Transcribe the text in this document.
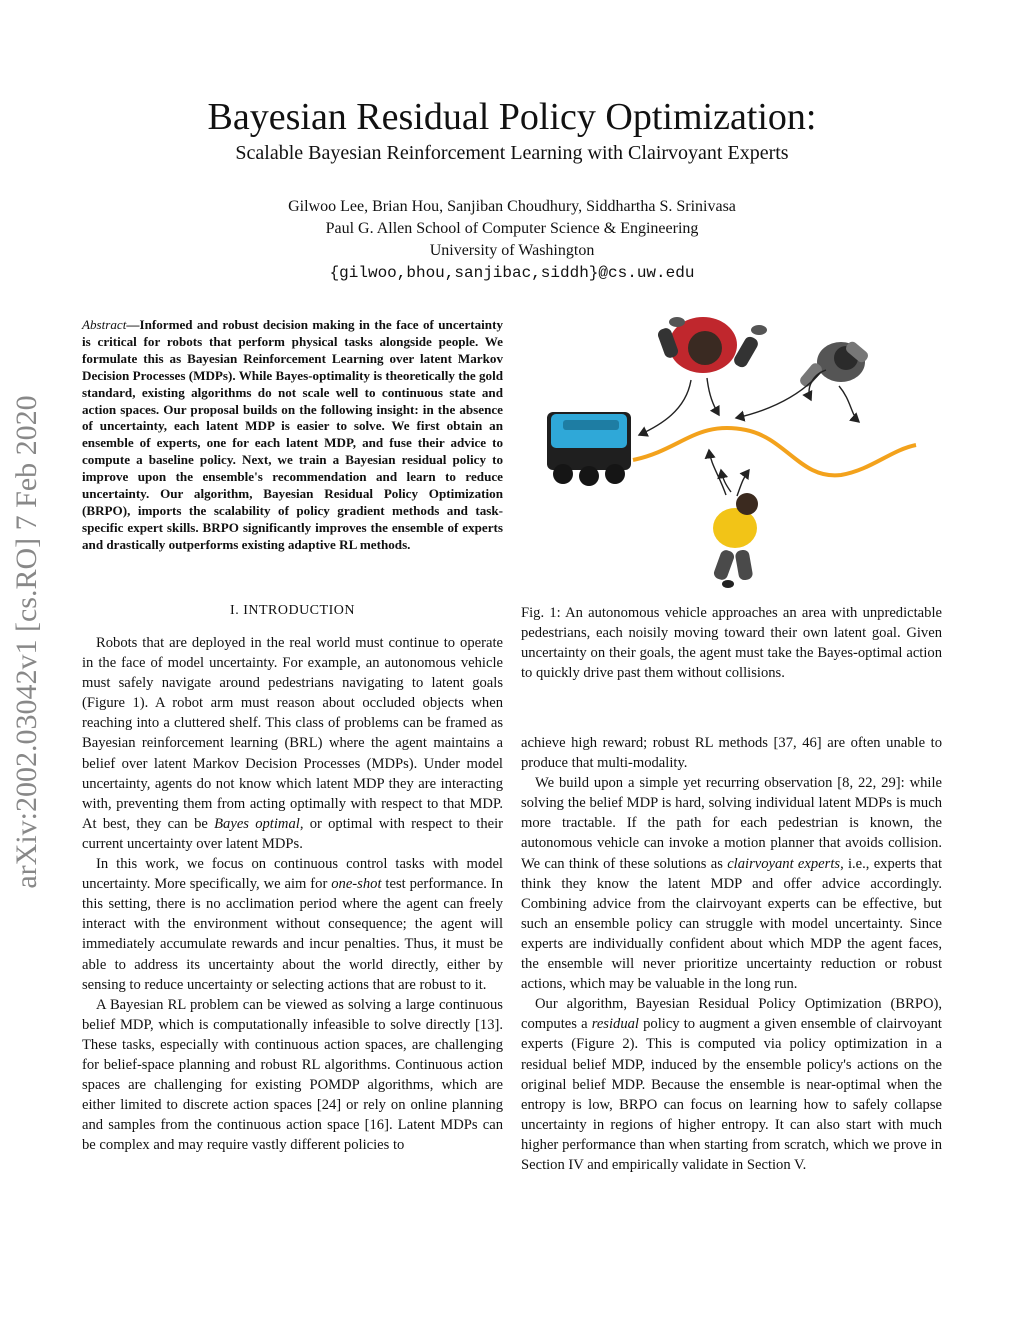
arXiv:2002.03042v1 [cs.RO] 7 Feb 2020
Bayesian Residual Policy Optimization:
Scalable Bayesian Reinforcement Learning with Clairvoyant Experts
Gilwoo Lee, Brian Hou, Sanjiban Choudhury, Siddhartha S. Srinivasa
Paul G. Allen School of Computer Science & Engineering
University of Washington
{gilwoo,bhou,sanjibac,siddh}@cs.uw.edu
Abstract—Informed and robust decision making in the face of uncertainty is critical for robots that perform physical tasks alongside people. We formulate this as Bayesian Reinforcement Learning over latent Markov Decision Processes (MDPs). While Bayes-optimality is theoretically the gold standard, existing algorithms do not scale well to continuous state and action spaces. Our proposal builds on the following insight: in the absence of uncertainty, each latent MDP is easier to solve. We first obtain an ensemble of experts, one for each latent MDP, and fuse their advice to compute a baseline policy. Next, we train a Bayesian residual policy to improve upon the ensemble's recommendation and learn to reduce uncertainty. Our algorithm, Bayesian Residual Policy Optimization (BRPO), imports the scalability of policy gradient methods and task-specific expert skills. BRPO significantly improves the ensemble of experts and drastically outperforms existing adaptive RL methods.
I. INTRODUCTION

Robots that are deployed in the real world must continue to operate in the face of model uncertainty. For example, an autonomous vehicle must safely navigate around pedestrians navigating to latent goals (Figure 1). A robot arm must reason about occluded objects when reaching into a cluttered shelf. This class of problems can be framed as Bayesian reinforcement learning (BRL) where the agent maintains a belief over latent Markov Decision Processes (MDPs). Under model uncertainty, agents do not know which latent MDP they are interacting with, preventing them from acting optimally with respect to that MDP. At best, they can be Bayes optimal, or optimal with respect to their current uncertainty over latent MDPs.

In this work, we focus on continuous control tasks with model uncertainty. More specifically, we aim for one-shot test performance. In this setting, there is no acclimation period where the agent can freely interact with the environment without consequence; the agent will immediately accumulate rewards and incur penalties. Thus, it must be able to address its uncertainty about the world directly, either by sensing to reduce uncertainty or selecting actions that are robust to it.

A Bayesian RL problem can be viewed as solving a large continuous belief MDP, which is computationally infeasible to solve directly [13]. These tasks, especially with continuous action spaces, are challenging for belief-space planning and robust RL algorithms. Continuous action spaces are challenging for existing POMDP algorithms, which are either limited to discrete action spaces [24] or rely on online planning and samples from the continuous action space [16]. Latent MDPs can be complex and may require vastly different policies to

Fig. 1: An autonomous vehicle approaches an area with unpredictable pedestrians, each noisily moving toward their own latent goal. Given uncertainty on their goals, the agent must take the Bayes-optimal action to quickly drive past them without collisions.

achieve high reward; robust RL methods [37, 46] are often unable to produce that multi-modality.

We build upon a simple yet recurring observation [8, 22, 29]: while solving the belief MDP is hard, solving individual latent MDPs is much more tractable. If the path for each pedestrian is known, the autonomous vehicle can invoke a motion planner that avoids collision. We can think of these solutions as clairvoyant experts, i.e., experts that think they know the latent MDP and offer advice accordingly. Combining advice from the clairvoyant experts can be effective, but such an ensemble policy can struggle with model uncertainty. Since experts are individually confident about which MDP the agent faces, the ensemble will never prioritize uncertainty reduction or robust actions, which may be valuable in the long run.

Our algorithm, Bayesian Residual Policy Optimization (BRPO), computes a residual policy to augment a given ensemble of clairvoyant experts (Figure 2). This is computed via policy optimization in a residual belief MDP, induced by the ensemble policy's actions on the original belief MDP. Because the ensemble is near-optimal when the entropy is low, BRPO can focus on learning how to safely collapse uncertainty in regions of higher entropy. It can also start with much higher performance than when starting from scratch, which we prove in Section IV and empirically validate in Section V.
